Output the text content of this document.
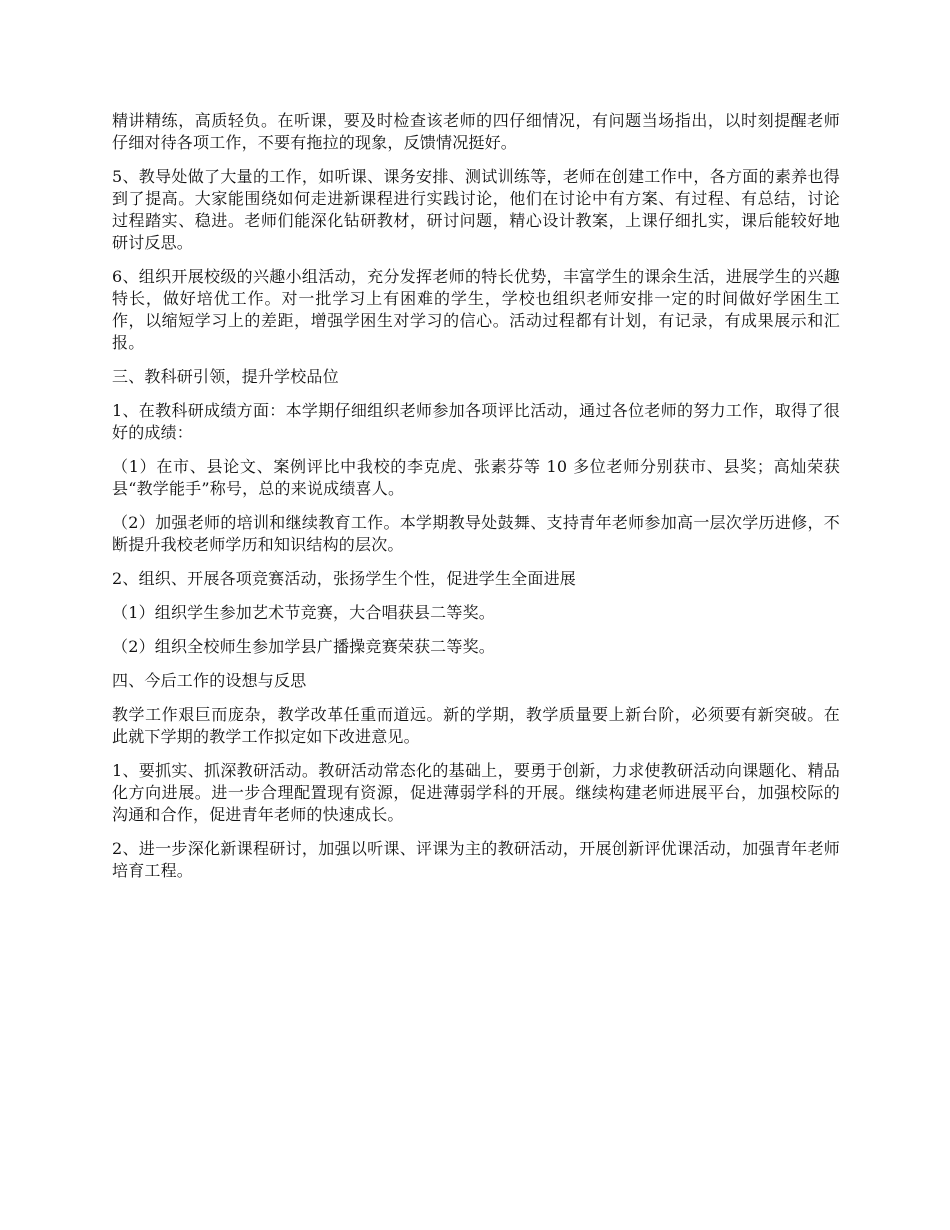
精讲精练，高质轻负。在听课，要及时检查该老师的四仔细情况，有问题当场指出，以时刻提醒老师仔细对待各项工作，不要有拖拉的现象，反馈情况挺好。

5、教导处做了大量的工作，如听课、课务安排、测试训练等，老师在创建工作中，各方面的素养也得到了提高。大家能围绕如何走进新课程进行实践讨论，他们在讨论中有方案、有过程、有总结，讨论过程踏实、稳进。老师们能深化钻研教材，研讨问题，精心设计教案，上课仔细扎实，课后能较好地研讨反思。

6、组织开展校级的兴趣小组活动，充分发挥老师的特长优势，丰富学生的课余生活，进展学生的兴趣特长，做好培优工作。对一批学习上有困难的学生，学校也组织老师安排一定的时间做好学困生工作，以缩短学习上的差距，增强学困生对学习的信心。活动过程都有计划，有记录，有成果展示和汇报。

三、教科研引领，提升学校品位

1、在教科研成绩方面：本学期仔细组织老师参加各项评比活动，通过各位老师的努力工作，取得了很好的成绩：

（1）在市、县论文、案例评比中我校的李克虎、张素芬等 10 多位老师分别获市、县奖；高灿荣获县“教学能手”称号，总的来说成绩喜人。

（2）加强老师的培训和继续教育工作。本学期教导处鼓舞、支持青年老师参加高一层次学历进修，不断提升我校老师学历和知识结构的层次。

2、组织、开展各项竞赛活动，张扬学生个性，促进学生全面进展

（1）组织学生参加艺术节竞赛，大合唱获县二等奖。

（2）组织全校师生参加学县广播操竞赛荣获二等奖。

四、今后工作的设想与反思

教学工作艰巨而庞杂，教学改革任重而道远。新的学期，教学质量要上新台阶，必须要有新突破。在此就下学期的教学工作拟定如下改进意见。

1、要抓实、抓深教研活动。教研活动常态化的基础上，要勇于创新，力求使教研活动向课题化、精品化方向进展。进一步合理配置现有资源，促进薄弱学科的开展。继续构建老师进展平台，加强校际的沟通和合作，促进青年老师的快速成长。

2、进一步深化新课程研讨，加强以听课、评课为主的教研活动，开展创新评优课活动，加强青年老师培育工程。
